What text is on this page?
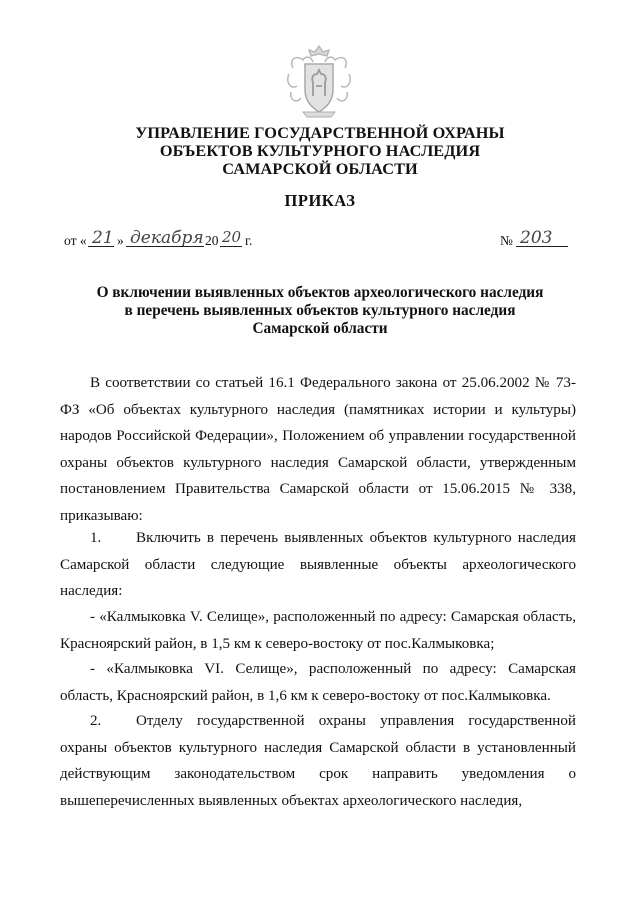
УПРАВЛЕНИЕ ГОСУДАРСТВЕННОЙ ОХРАНЫ
ОБЪЕКТОВ КУЛЬТУРНОГО НАСЛЕДИЯ
САМАРСКОЙ ОБЛАСТИ
ПРИКАЗ
от « 21 » декабря 20 20 г.	№ 203
О включении выявленных объектов археологического наследия
в перечень выявленных объектов культурного наследия
Самарской области

В соответствии со статьей 16.1 Федерального закона от 25.06.2002 № 73-ФЗ «Об объектах культурного наследия (памятниках истории и культуры) народов Российской Федерации», Положением об управлении государственной охраны объектов культурного наследия Самарской области, утвержденным постановлением Правительства Самарской области от 15.06.2015 № 338, приказываю:

1. Включить в перечень выявленных объектов культурного наследия Самарской области следующие выявленные объекты археологического наследия:

- «Калмыковка V. Селище», расположенный по адресу: Самарская область, Красноярский район, в 1,5 км к северо-востоку от пос.Калмыковка;

- «Калмыковка VI. Селище», расположенный по адресу: Самарская область, Красноярский район, в 1,6 км к северо-востоку от пос.Калмыковка.

2. Отделу государственной охраны управления государственной охраны объектов культурного наследия Самарской области в установленный действующим законодательством срок направить уведомления о вышеперечисленных выявленных объектах археологического наследия,
